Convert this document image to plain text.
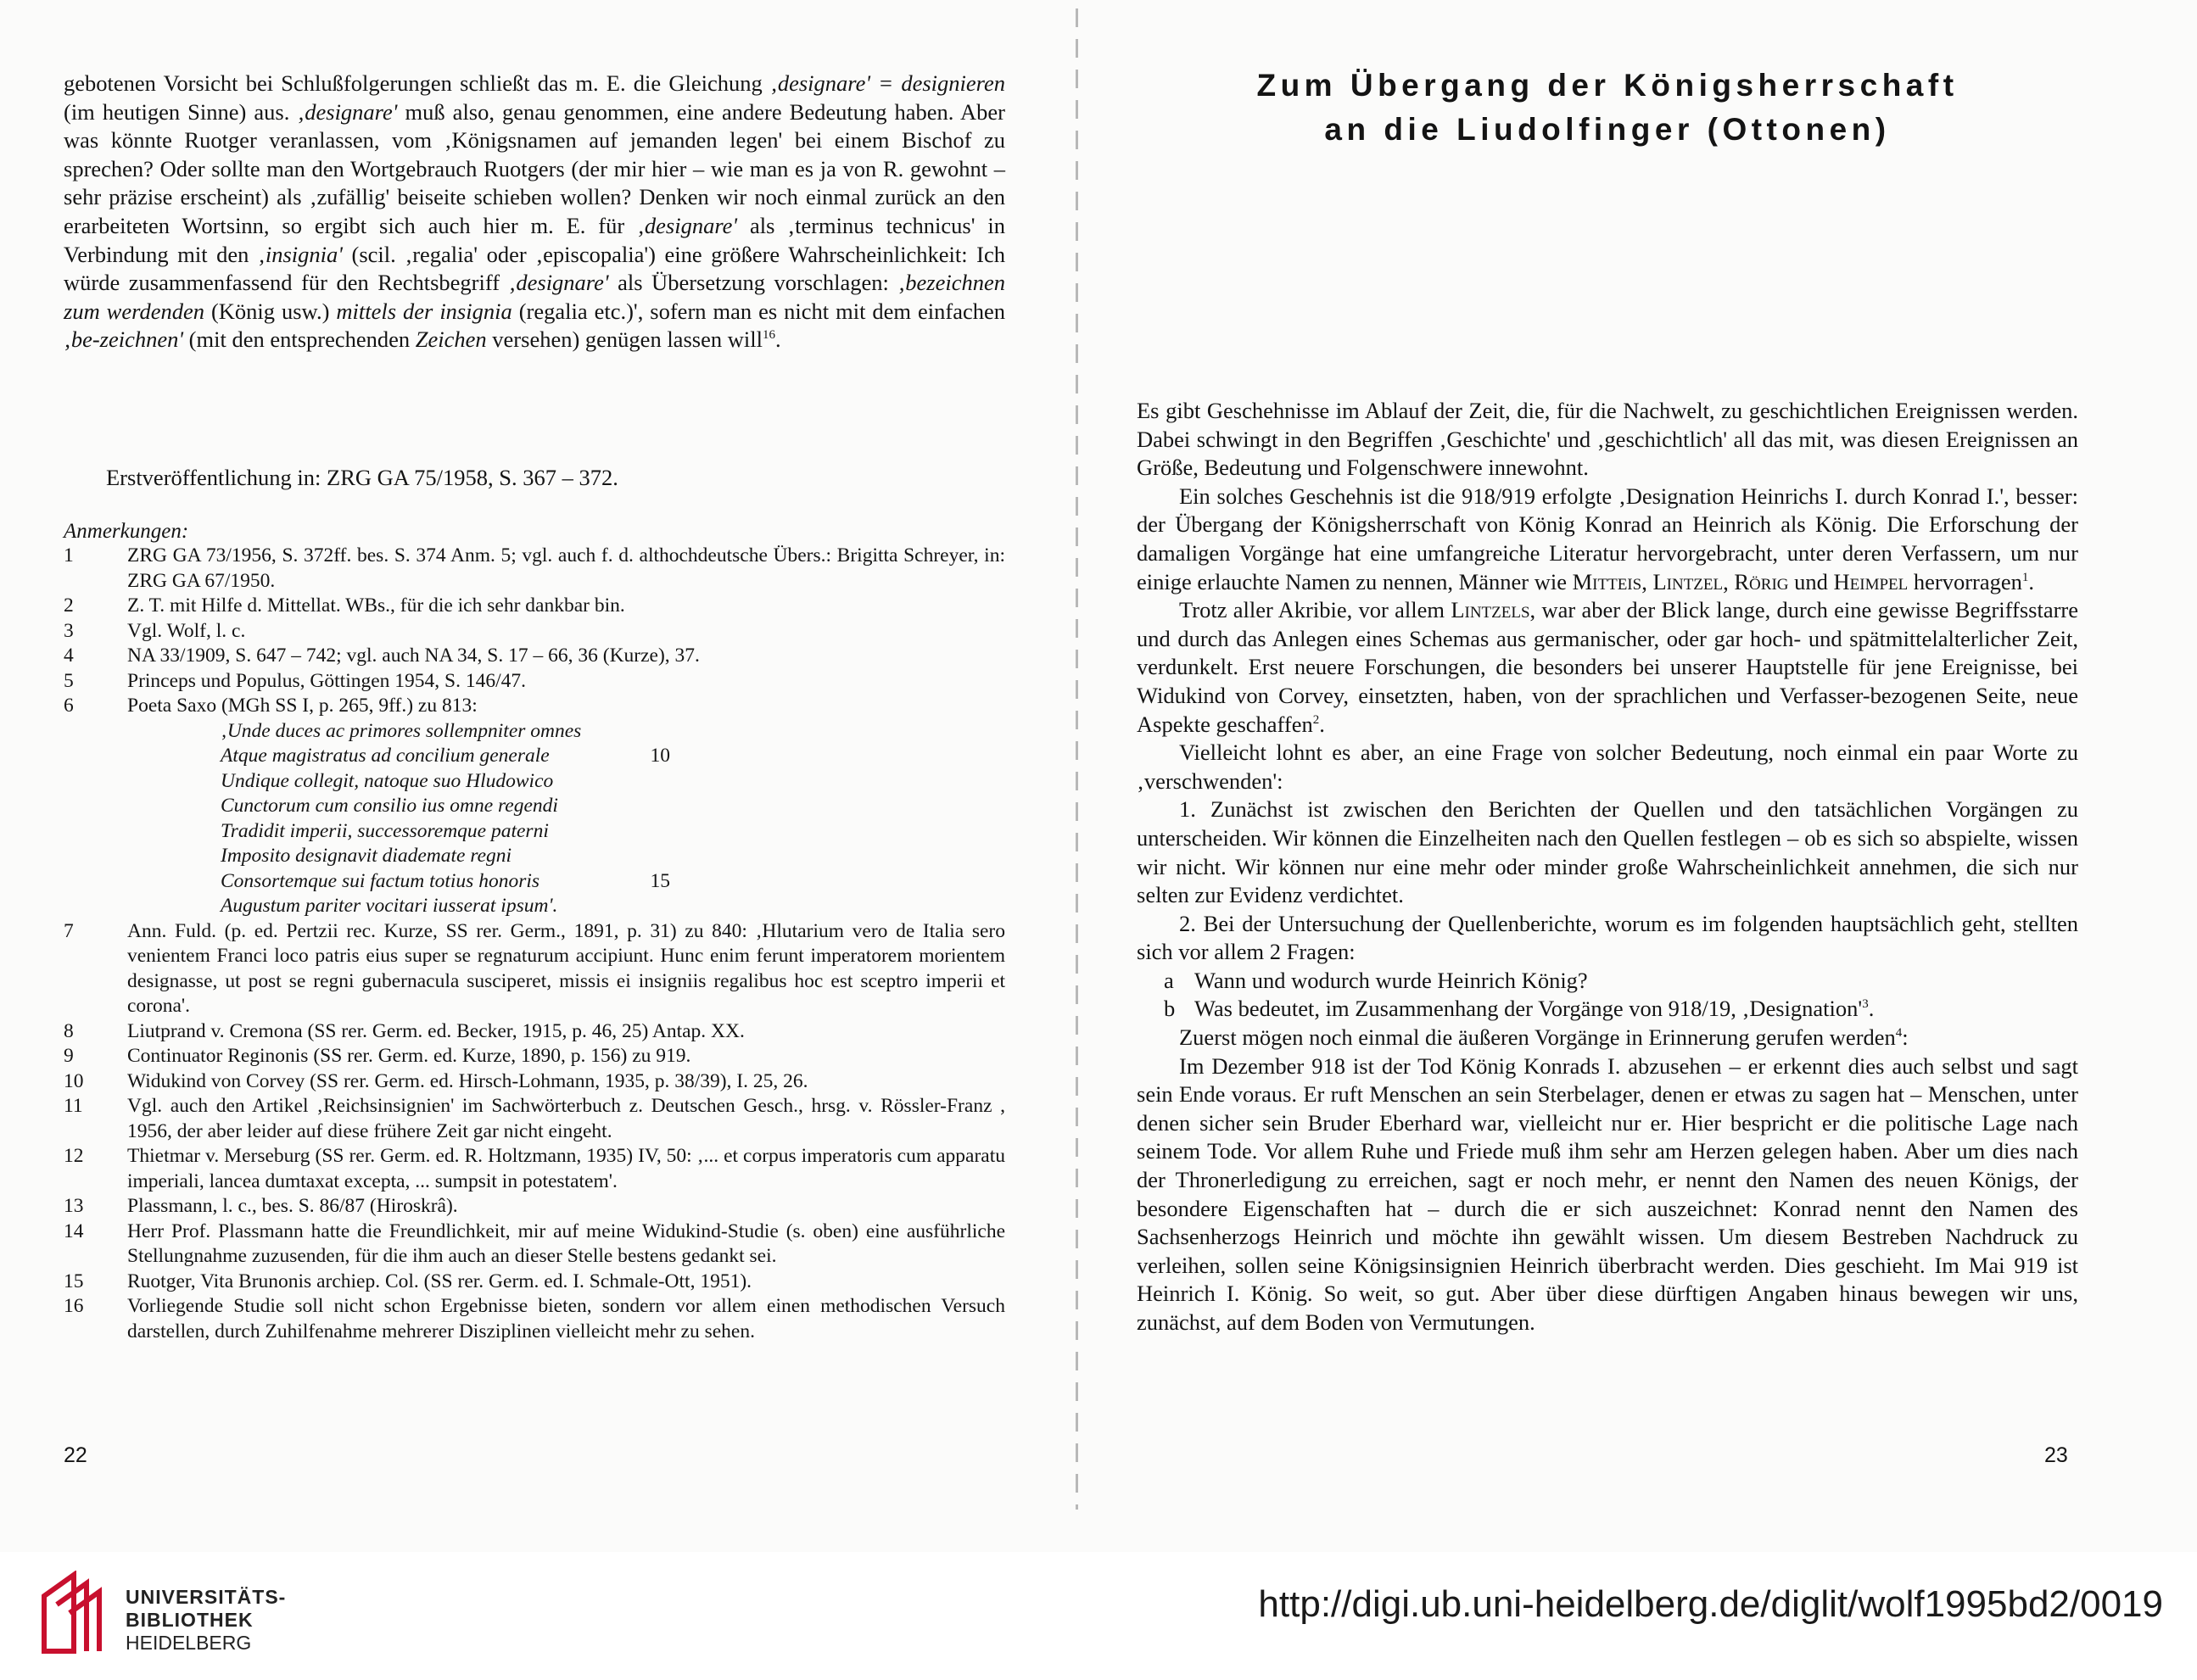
gebotenen Vorsicht bei Schlußfolgerungen schließt das m. E. die Gleichung ‚designare' = designieren (im heutigen Sinne) aus. ‚designare' muß also, genau genommen, eine andere Bedeutung haben. Aber was könnte Ruotger veranlassen, vom ‚Königsnamen auf jemanden legen' bei einem Bischof zu sprechen? Oder sollte man den Wortgebrauch Ruotgers (der mir hier – wie man es ja von R. gewohnt – sehr präzise erscheint) als ‚zufällig' beiseite schieben wollen? Denken wir noch einmal zurück an den erarbeiteten Wortsinn, so ergibt sich auch hier m. E. für ‚designare' als ‚terminus technicus' in Verbindung mit den ‚insignia' (scil. ‚regalia' oder ‚episcopalia') eine größere Wahrscheinlichkeit: Ich würde zusammenfassend für den Rechtsbegriff ‚designare' als Übersetzung vorschlagen: ‚bezeichnen zum werdenden (König usw.) mittels der insignia (regalia etc.)', sofern man es nicht mit dem einfachen ‚be-zeichnen' (mit den entsprechenden Zeichen versehen) genügen lassen will$^{16}$.

Erstveröffentlichung in: ZRG GA 75/1958, S. 367 – 372.
Anmerkungen:
1	ZRG GA 73/1956, S. 372ff. bes. S. 374 Anm. 5; vgl. auch f. d. althochdeutsche Übers.: Brigitta Schreyer, in: ZRG GA 67/1950.
2	Z. T. mit Hilfe d. Mittellat. WBs., für die ich sehr dankbar bin.
3	Vgl. Wolf, l. c.
4	NA 33/1909, S. 647 – 742; vgl. auch NA 34, S. 17 – 66, 36 (Kurze), 37.
5	Princeps und Populus, Göttingen 1954, S. 146/47.
6	Poeta Saxo (MGh SS I, p. 265, 9ff.) zu 813:
‚Unde duces ac primores sollempniter omnes
Atque magistratus ad concilium generale	10
Undique collegit, natoque suo Hludowico
Cunctorum cum consilio ius omne regendi
Tradidit imperii, successoremque paterni
Imposito designavit diademate regni
Consortemque sui factum totius honoris	15
Augustum pariter vocitari iusserat ipsum'.
7	Ann. Fuld. (p. ed. Pertzii rec. Kurze, SS rer. Germ., 1891, p. 31) zu 840: ‚Hlutarium vero de Italia sero venientem Franci loco patris eius super se regnaturum accipiunt. Hunc enim ferunt imperatorem morientem designasse, ut post se regni gubernacula susciperet, missis ei insigniis regalibus hoc est sceptro imperii et corona'.
8	Liutprand v. Cremona (SS rer. Germ. ed. Becker, 1915, p. 46, 25) Antap. XX.
9	Continuator Reginonis (SS rer. Germ. ed. Kurze, 1890, p. 156) zu 919.
10	Widukind von Corvey (SS rer. Germ. ed. Hirsch-Lohmann, 1935, p. 38/39), I. 25, 26.
11	Vgl. auch den Artikel ‚Reichsinsignien' im Sachwörterbuch z. Deutschen Gesch., hrsg. v. Rössler-Franz , 1956, der aber leider auf diese frühere Zeit gar nicht eingeht.
12	Thietmar v. Merseburg (SS rer. Germ. ed. R. Holtzmann, 1935) IV, 50: ‚... et corpus imperatoris cum apparatu imperiali, lancea dumtaxat excepta, ... sumpsit in potestatem'.
13	Plassmann, l. c., bes. S. 86/87 (Hiroskrâ).
14	Herr Prof. Plassmann hatte die Freundlichkeit, mir auf meine Widukind-Studie (s. oben) eine ausführliche Stellungnahme zuzusenden, für die ihm auch an dieser Stelle bestens gedankt sei.
15	Ruotger, Vita Brunonis archiep. Col. (SS rer. Germ. ed. I. Schmale-Ott, 1951).
16	Vorliegende Studie soll nicht schon Ergebnisse bieten, sondern vor allem einen methodischen Versuch darstellen, durch Zuhilfenahme mehrerer Disziplinen vielleicht mehr zu sehen.
22
Zum Übergang der Königsherrschaft
an die Liudolfinger (Ottonen)

Es gibt Geschehnisse im Ablauf der Zeit, die, für die Nachwelt, zu geschichtlichen Ereignissen werden. Dabei schwingt in den Begriffen ‚Geschichte' und ‚geschichtlich' all das mit, was diesen Ereignissen an Größe, Bedeutung und Folgenschwere innewohnt.

Ein solches Geschehnis ist die 918/919 erfolgte ‚Designation Heinrichs I. durch Konrad I.', besser: der Übergang der Königsherrschaft von König Konrad an Heinrich als König. Die Erforschung der damaligen Vorgänge hat eine umfangreiche Literatur hervorgebracht, unter deren Verfassern, um nur einige erlauchte Namen zu nennen, Männer wie Mitteis, Lintzel, Rörig und Heimpel hervorragen$^1$.

Trotz aller Akribie, vor allem Lintzels, war aber der Blick lange, durch eine gewisse Begriffsstarre und durch das Anlegen eines Schemas aus germanischer, oder gar hoch- und spätmittelalterlicher Zeit, verdunkelt. Erst neuere Forschungen, die besonders bei unserer Hauptstelle für jene Ereignisse, bei Widukind von Corvey, einsetzten, haben, von der sprachlichen und Verfasser-bezogenen Seite, neue Aspekte geschaffen$^2$.

Vielleicht lohnt es aber, an eine Frage von solcher Bedeutung, noch einmal ein paar Worte zu ‚verschwenden':

1. Zunächst ist zwischen den Berichten der Quellen und den tatsächlichen Vorgängen zu unterscheiden. Wir können die Einzelheiten nach den Quellen festlegen – ob es sich so abspielte, wissen wir nicht. Wir können nur eine mehr oder minder große Wahrscheinlichkeit annehmen, die sich nur selten zur Evidenz verdichtet.

2. Bei der Untersuchung der Quellenberichte, worum es im folgenden hauptsächlich geht, stellten sich vor allem 2 Fragen:

a Wann und wodurch wurde Heinrich König?
b Was bedeutet, im Zusammenhang der Vorgänge von 918/19, $‚Designation'^3$.

Zuerst mögen noch einmal die äußeren Vorgänge in Erinnerung gerufen werden$^4$:

Im Dezember 918 ist der Tod König Konrads I. abzusehen – er erkennt dies auch selbst und sagt sein Ende voraus. Er ruft Menschen an sein Sterbelager, denen er etwas zu sagen hat – Menschen, unter denen sicher sein Bruder Eberhard war, vielleicht nur er. Hier bespricht er die politische Lage nach seinem Tode. Vor allem Ruhe und Friede muß ihm sehr am Herzen gelegen haben. Aber um dies nach der Thronerledigung zu erreichen, sagt er noch mehr, er nennt den Namen des neuen Königs, der besondere Eigenschaften hat – durch die er sich auszeichnet: Konrad nennt den Namen des Sachsenherzogs Heinrich und möchte ihn gewählt wissen. Um diesem Bestreben Nachdruck zu verleihen, sollen seine Königsinsignien Heinrich überbracht werden. Dies geschieht. Im Mai 919 ist Heinrich I. König. So weit, so gut. Aber über diese dürftigen Angaben hinaus bewegen wir uns, zunächst, auf dem Boden von Vermutungen.

23
UNIVERSITÄTS-
BIBLIOTHEK
HEIDELBERG
http://digi.ub.uni-heidelberg.de/diglit/wolf1995bd2/0019
